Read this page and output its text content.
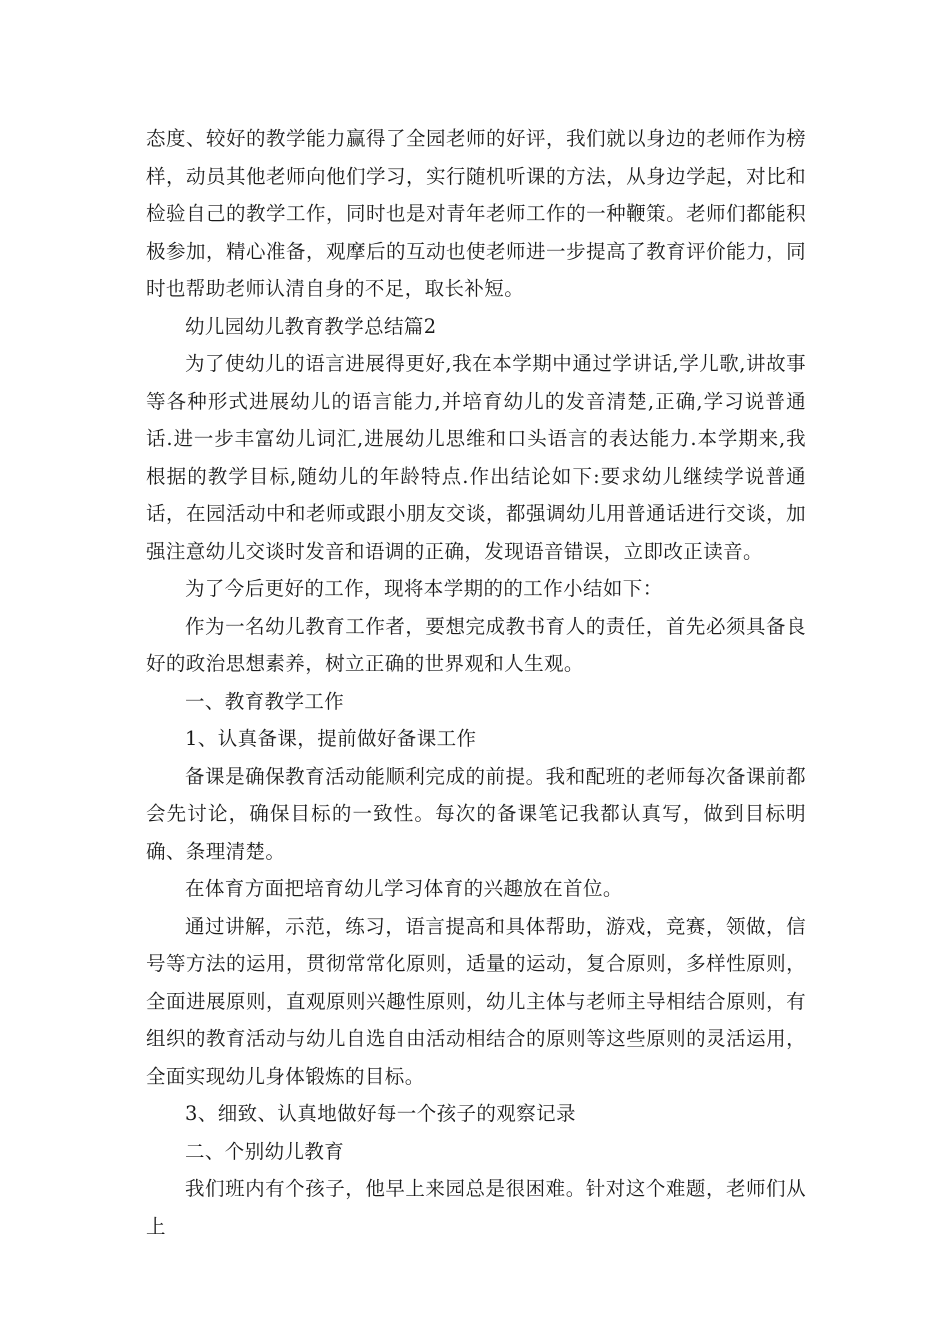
态度、较好的教学能力赢得了全园老师的好评，我们就以身边的老师作为榜样，动员其他老师向他们学习，实行随机听课的方法，从身边学起，对比和检验自己的教学工作，同时也是对青年老师工作的一种鞭策。老师们都能积极参加，精心准备，观摩后的互动也使老师进一步提高了教育评价能力，同时也帮助老师认清自身的不足，取长补短。

幼儿园幼儿教育教学总结篇2

为了使幼儿的语言进展得更好,我在本学期中通过学讲话,学儿歌,讲故事等各种形式进展幼儿的语言能力,并培育幼儿的发音清楚,正确,学习说普通话.进一步丰富幼儿词汇,进展幼儿思维和口头语言的表达能力.本学期来,我根据的教学目标,随幼儿的年龄特点.作出结论如下:要求幼儿继续学说普通话，在园活动中和老师或跟小朋友交谈，都强调幼儿用普通话进行交谈，加强注意幼儿交谈时发音和语调的正确，发现语音错误，立即改正读音。

为了今后更好的工作，现将本学期的的工作小结如下：

作为一名幼儿教育工作者，要想完成教书育人的责任，首先必须具备良好的政治思想素养，树立正确的世界观和人生观。

一、教育教学工作

1、认真备课，提前做好备课工作

备课是确保教育活动能顺利完成的前提。我和配班的老师每次备课前都会先讨论，确保目标的一致性。每次的备课笔记我都认真写，做到目标明确、条理清楚。

在体育方面把培育幼儿学习体育的兴趣放在首位。

通过讲解，示范，练习，语言提高和具体帮助，游戏，竞赛，领做，信号等方法的运用，贯彻常常化原则，适量的运动，复合原则，多样性原则，全面进展原则，直观原则兴趣性原则，幼儿主体与老师主导相结合原则，有组织的教育活动与幼儿自选自由活动相结合的原则等这些原则的灵活运用，全面实现幼儿身体锻炼的目标。

3、细致、认真地做好每一个孩子的观察记录

二、个别幼儿教育

我们班内有个孩子，他早上来园总是很困难。针对这个难题，老师们从上
